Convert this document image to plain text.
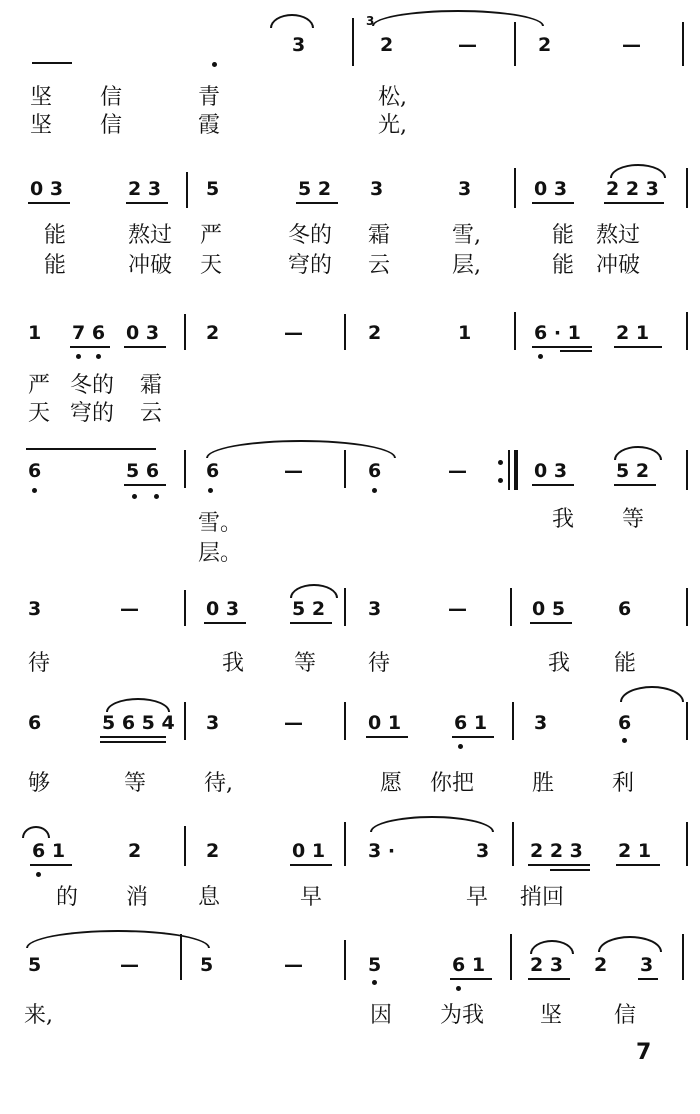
3
3
2	—	2	—
坚 信	青	松,
坚 信	霞	光,
0 3	2 3 5	5 2 3	3	0 3 2 2 3
能	熬过 严	冬的 霜	雪,	能 熬过
能	冲破 天	穹的 云	层,	能 冲破
1 7 6 0 3 2	—	2	1	6 · 1 2 1
严 冬的 霜
天 穹的 云
6	5 6 6	—	6	—	0 3	5 2
雪。	我 等
层。
3	—	0 3	5 2 3	—	0 5	6
待	我 等 待	我 能
6	5 6 5 4 3	—	0 1	6 1 3	6
够	等	待,	愿 你把	胜	利
6 1	2	2	0 1 3 ·	3 2 2 3 2 1
的 消 息	早	早 捎回
5	—	5	—	5	6 1 2 3 2 3
来,	因 为我	坚 信
7
